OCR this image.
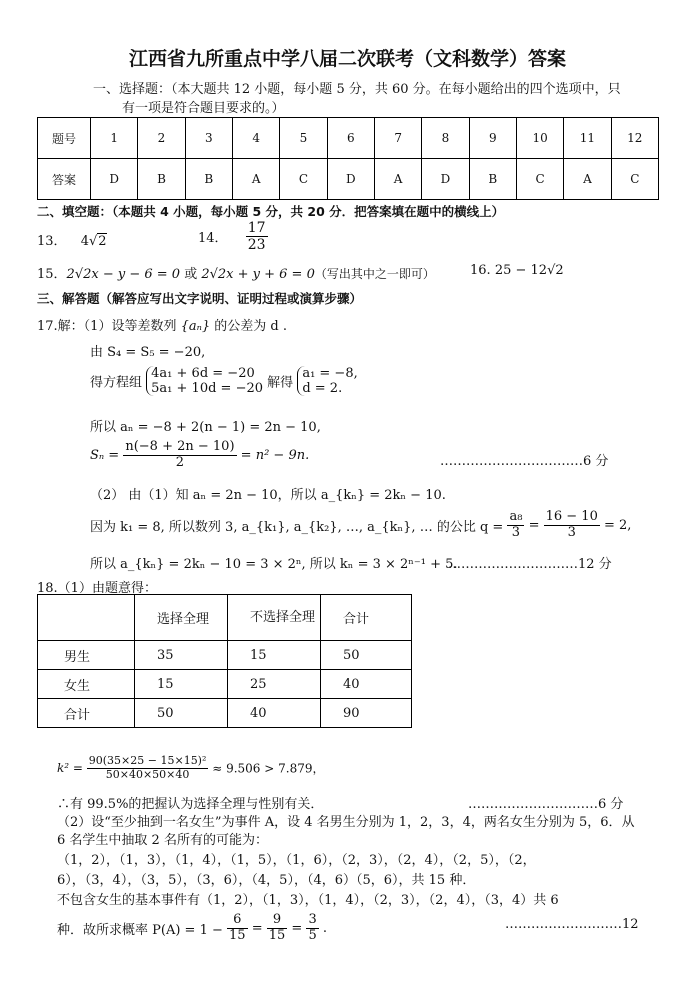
江西省九所重点中学八届二次联考（文科数学）答案
一、选择题：（本大题共 12 小题，每小题 5 分，共 60 分。在每小题给出的四个选项中，只
有一项是符合题目要求的。）
题号	1	2	3	4	5	6	7	8	9	10	11	12
答案	D	B	B	A	C	D	A	D	B	C	A	C
二、填空题：（本题共 4 小题，每小题 5 分，共 20 分．把答案填在题中的横线上）
13． 4√2	14． $\frac{17}{23}$
15．2√2x − y − 6 = 0 或 2√2x + y + 6 = 0（写出其中之一即可）	16. 25 − 12√2
三、解答题（解答应写出文字说明、证明过程或演算步骤）
17.解：（1）设等差数列 {aₙ} 的公差为 d .
由 S₄ = S₅ = −20,
得方程组
4a₁ + 6d = −20
5a₁ + 10d = −20 解得
a₁ = −8,
d = 2.
所以 aₙ = −8 + 2(n − 1) = 2n − 10,
$S_n = \frac{n(-8 + 2n - 10)}{2} = n^2 - 9n$.	……………………………6 分
（2） 由（1）知 aₙ = 2n − 10，所以 a_{kₙ} = 2kₙ − 10.
因为 k₁ = 8, 所以数列 3, a_{k₁}, a_{k₂}, …, a_{kₙ}, … 的公比 $q = \frac{\text{a₈}}{3} = \frac{16 - 10}{3} = 2$,
所以 a_{kₙ} = 2kₙ − 10 = 3 × 2ⁿ, 所以 kₙ = 3 × 2ⁿ⁻¹ + 5.
…………………………12 分
18.（1）由题意得：
	选择全理	不选择全理	合计
男生	35	15	50
女生	15	25	40
合计	50	40	90
$k^2 = \frac{\text{90(35×25 − 15×15)²}}{50\times 40\times 50\times 40} \approx 9.506 > 7.879$，
∴有 99.5%的把握认为选择全理与性别有关．	…………………………6 分
（2）设“至少抽到一名女生”为事件 A，设 4 名男生分别为 1，2，3，4，两名女生分别为 5，6．从
6 名学生中抽取 2 名所有的可能为：
（1，2），（1，3），（1，4），（1，5），（1，6），（2，3），（2，4），（2，5），（2，
6），（3，4），（3，5），（3，6），（4，5），（4，6）（5，6），共 15 种．
不包含女生的基本事件有（1，2），（1，3），（1，4），（2，3），（2，4），（3，4）共 6
种．故所求概率 $P(A) = 1 - \frac{6}{15} = \frac{9}{15} = \frac{3}{5}$ .	………………………12
